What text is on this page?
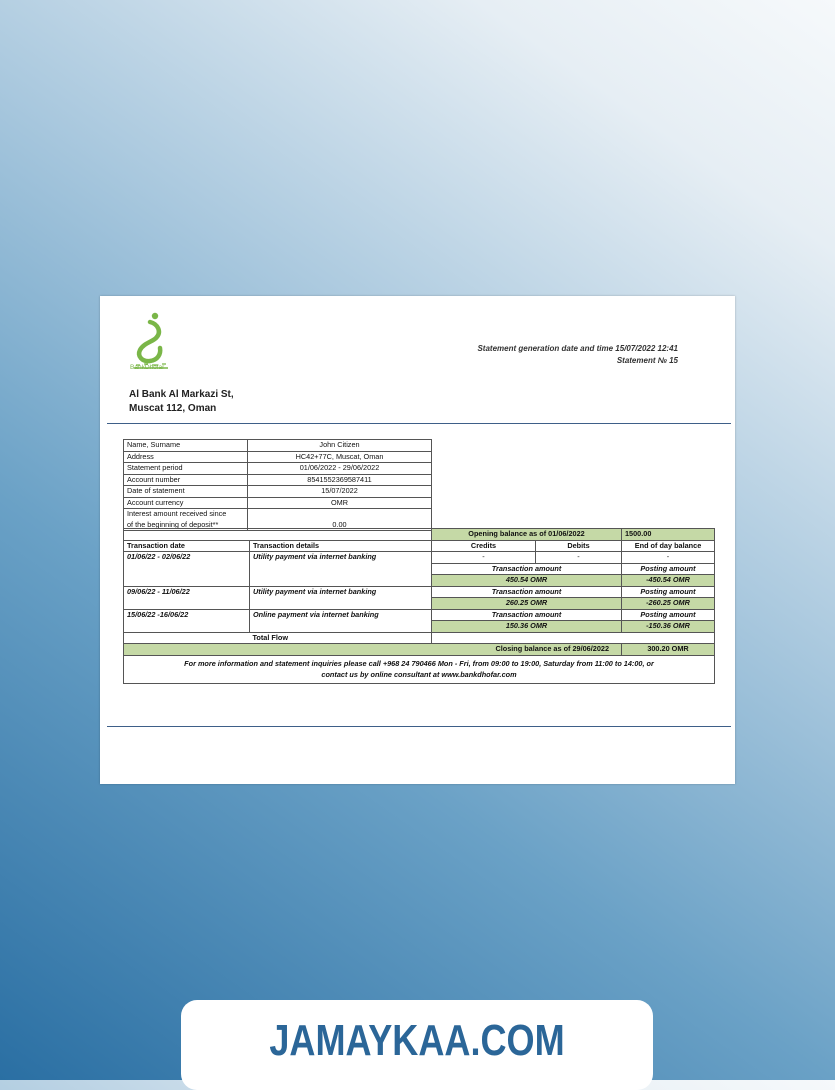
BankDhofar
Statement generation date and time 15/07/2022 12:41
Statement № 15
Al Bank Al Markazi St,
Muscat 112, Oman
Name, Surname	John Citizen
Address	HC42+77C, Muscat, Oman
Statement period	01/06/2022 - 29/06/2022
Account number	8541552369587411
Date of statement	15/07/2022
Account currency	OMR

Interest amount received since
of the beginning of deposit**	0.00
		Opening balance as of 01/06/2022		1500.00
Transaction date	Transaction details	Credits	Debits	End of day balance
01/06/22 - 02/06/22	Utility payment via internet banking	-	-	-
		Transaction amount		Posting amount
		450.54 OMR		-450.54 OMR
09/06/22 - 11/06/22	Utility payment via internet banking	Transaction amount		Posting amount
		260.25 OMR		-260.25 OMR
15/06/22 -16/06/22	Online payment via internet banking	Transaction amount		Posting amount
		150.36 OMR		-150.36 OMR
	Total Flow			
Closing balance as of 29/06/2022				300.20 OMR

For more information and statement inquiries please call +968 24 790466 Mon - Fri, from 09:00 to 19:00, Saturday from 11:00 to 14:00, or
contact us by online consultant at www.bankdhofar.com				
JAMAYKAA.COM
